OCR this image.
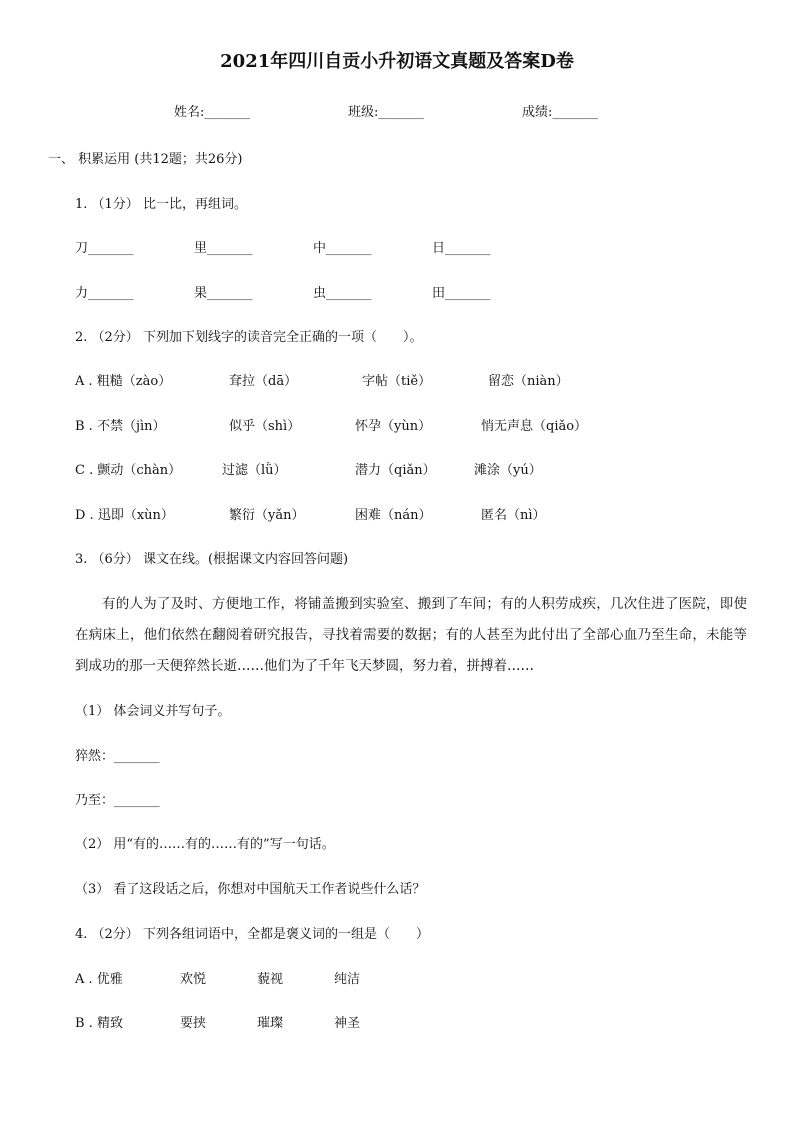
2021年四川自贡小升初语文真题及答案D卷
姓名:_______	班级:_______	成绩:_______
一、 积累运用 (共12题；共26分)
1. （1分） 比一比，再组词。
刀_______	里_______	中_______	日_______
力_______	果_______	虫_______	田_______
2. （2分） 下列加下划线字的读音完全正确的一项（　　）。
A . 粗糙（zào）	耷拉（dā）	字帖（tiě）	留恋（niàn）
B . 不禁（jìn）	似乎（shì）	怀孕（yùn）	悄无声息（qiǎo）
C . 颤动（chàn）	过滤（lǜ）	潜力（qiǎn）	滩涂（yú）
D . 迅即（xùn）	繁衍（yǎn）	困难（nán）	匿名（nì）
3. （6分） 课文在线。(根据课文内容回答问题)
有的人为了及时、方便地工作，将铺盖搬到实验室、搬到了车间；有的人积劳成疾，几次住进了医院，即使在病床上，他们依然在翻阅着研究报告，寻找着需要的数据；有的人甚至为此付出了全部心血乃至生命，未能等到成功的那一天便猝然长逝……他们为了千年飞天梦圆，努力着，拼搏着……
（1） 体会词义并写句子。
猝然：_______
乃至：_______
（2） 用“有的……有的……有的”写一句话。
（3） 看了这段话之后，你想对中国航天工作者说些什么话？
4. （2分） 下列各组词语中，全都是褒义词的一组是（　　）
A . 优雅	欢悦	藐视	纯洁
B . 精致	要挟	璀璨	神圣
